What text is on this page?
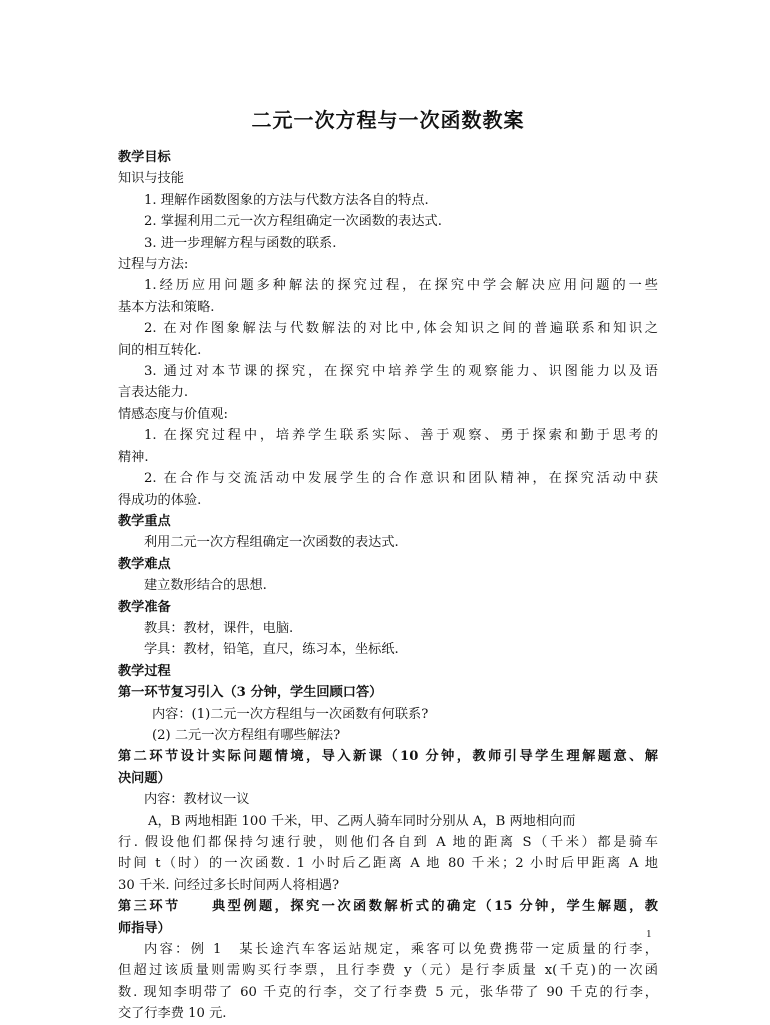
二元一次方程与一次函数教案
教学目标
知识与技能
1. 理解作函数图象的方法与代数方法各自的特点.
2. 掌握利用二元一次方程组确定一次函数的表达式.
3. 进一步理解方程与函数的联系.
过程与方法:
1.经历应用问题多种解法的探究过程，在探究中学会解决应用问题的一些
基本方法和策略.
2. 在对作图象解法与代数解法的对比中,体会知识之间的普遍联系和知识之
间的相互转化.
3. 通过对本节课的探究，在探究中培养学生的观察能力、识图能力以及语
言表达能力.
情感态度与价值观:
1. 在探究过程中，培养学生联系实际、善于观察、勇于探索和勤于思考的
精神.
2. 在合作与交流活动中发展学生的合作意识和团队精神，在探究活动中获
得成功的体验.
教学重点
利用二元一次方程组确定一次函数的表达式.
教学难点
建立数形结合的思想.
教学准备
教具：教材，课件，电脑.
学具：教材，铅笔，直尺，练习本，坐标纸.
教学过程
第一环节复习引入（3 分钟，学生回顾口答）
内容：(1)二元一次方程组与一次函数有何联系?
(2) 二元一次方程组有哪些解法?
第二环节设计实际问题情境，导入新课（10 分钟，教师引导学生理解题意、解
决问题）
内容：教材议一议
A，B 两地相距 100 千米，甲、乙两人骑车同时分别从 A，B 两地相向而
行. 假设他们都保持匀速行驶，则他们各自到 A 地的距离 S（千米）都是骑车
时间 t（时）的一次函数. 1 小时后乙距离 A 地 80 千米；2 小时后甲距离 A 地
30 千米. 问经过多长时间两人将相遇?
第三环节　　典型例题，探究一次函数解析式的确定（15 分钟，学生解题，教
师指导）
内容：例 1　某长途汽车客运站规定，乘客可以免费携带一定质量的行李，
但超过该质量则需购买行李票，且行李费 y（元）是行李质量 x(千克)的一次函
数. 现知李明带了 60 千克的行李，交了行李费 5 元，张华带了 90 千克的行李，
交了行李费 10 元.
1
